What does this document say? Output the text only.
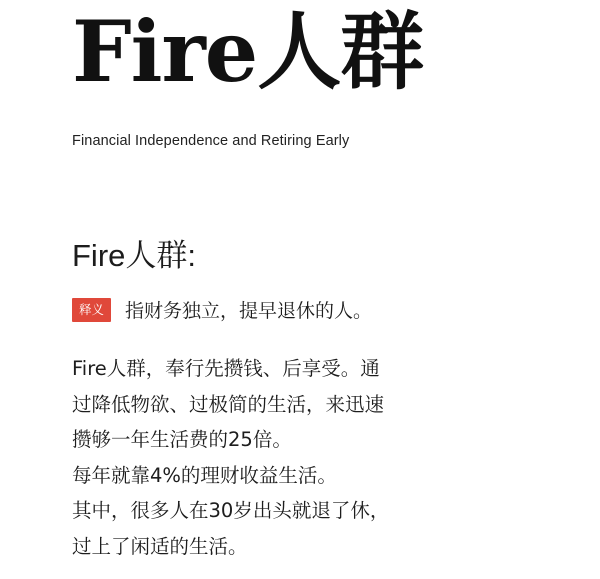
Fire人群
Financial Independence and Retiring Early
Fire人群:
释义	指财务独立，提早退休的人。
Fire人群，奉行先攒钱、后享受。通
过降低物欲、过极简的生活，来迅速
攒够一年生活费的25倍。
每年就靠4%的理财收益生活。
其中，很多人在30岁出头就退了休，
过上了闲适的生活。
